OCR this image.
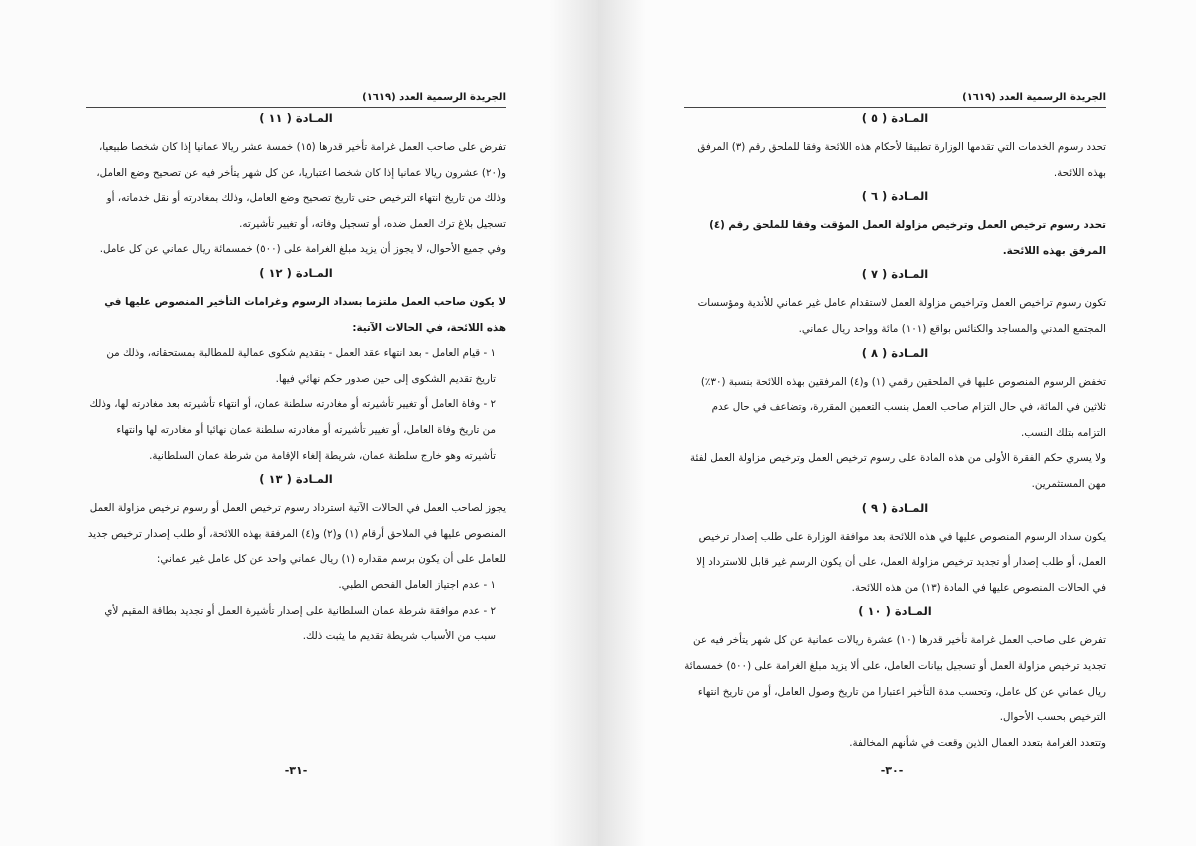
الجريدة الرسمية العدد (١٦١٩)
المـادة ( ١١ )

تفرض على صاحب العمل غرامة تأخير قدرها (١٥) خمسة عشر ريالا عمانيا إذا كان شخصا طبيعيا، و(٢٠) عشرون ريالا عمانيا إذا كان شخصا اعتباريا، عن كل شهر يتأخر فيه عن تصحيح وضع العامل، وذلك من تاريخ انتهاء الترخيص حتى تاريخ تصحيح وضع العامل، وذلك بمغادرته أو نقل خدماته، أو تسجيل بلاغ ترك العمل ضده، أو تسجيل وفاته، أو تغيير تأشيرته.

وفي جميع الأحوال، لا يجوز أن يزيد مبلغ الغرامة على (٥٠٠) خمسمائة ريال عماني عن كل عامل.

المـادة ( ١٢ )

لا يكون صاحب العمل ملتزما بسداد الرسوم وغرامات التأخير المنصوص عليها في هذه اللائحة، في الحالات الآتية:

١ - قيام العامل - بعد انتهاء عقد العمل - بتقديم شكوى عمالية للمطالبة بمستحقاته، وذلك من تاريخ تقديم الشكوى إلى حين صدور حكم نهائي فيها.

٢ - وفاة العامل أو تغيير تأشيرته أو مغادرته سلطنة عمان، أو انتهاء تأشيرته بعد مغادرته لها، وذلك من تاريخ وفاة العامل، أو تغيير تأشيرته أو مغادرته سلطنة عمان نهائيا أو مغادرته لها وانتهاء تأشيرته وهو خارج سلطنة عمان، شريطة إلغاء الإقامة من شرطة عمان السلطانية.

المـادة ( ١٣ )

يجوز لصاحب العمل في الحالات الآتية استرداد رسوم ترخيص العمل أو رسوم ترخيص مزاولة العمل المنصوص عليها في الملاحق أرقام (١) و(٢) و(٤) المرفقة بهذه اللائحة، أو طلب إصدار ترخيص جديد للعامل على أن يكون برسم مقداره (١) ريال عماني واحد عن كل عامل غير عماني:

١ - عدم اجتياز العامل الفحص الطبي.

٢ - عدم موافقة شرطة عمان السلطانية على إصدار تأشيرة العمل أو تجديد بطاقة المقيم لأي سبب من الأسباب شريطة تقديم ما يثبت ذلك.

-٣١-
الجريدة الرسمية العدد (١٦١٩)
المـادة ( ٥ )

تحدد رسوم الخدمات التي تقدمها الوزارة تطبيقا لأحكام هذه اللائحة وفقا للملحق رقم (٣) المرفق بهذه اللائحة.

المـادة ( ٦ )

تحدد رسوم ترخيص العمل وترخيص مزاولة العمل المؤقت وفقا للملحق رقم (٤) المرفق بهذه اللائحة.

المـادة ( ٧ )

تكون رسوم تراخيص العمل وتراخيص مزاولة العمل لاستقدام عامل غير عماني للأندية ومؤسسات المجتمع المدني والمساجد والكنائس بواقع (١٠١) مائة وواحد ريال عماني.

المـادة ( ٨ )

تخفض الرسوم المنصوص عليها في الملحقين رقمي (١) و(٤) المرفقين بهذه اللائحة بنسبة (٣٠٪) ثلاثين في المائة، في حال التزام صاحب العمل بنسب التعمين المقررة، وتضاعف في حال عدم التزامه بتلك النسب.

ولا يسري حكم الفقرة الأولى من هذه المادة على رسوم ترخيص العمل وترخيص مزاولة العمل لفئة مهن المستثمرين.

المـادة ( ٩ )

يكون سداد الرسوم المنصوص عليها في هذه اللائحة بعد موافقة الوزارة على طلب إصدار ترخيص العمل، أو طلب إصدار أو تجديد ترخيص مزاولة العمل، على أن يكون الرسم غير قابل للاسترداد إلا في الحالات المنصوص عليها في المادة (١٣) من هذه اللائحة.

المـادة ( ١٠ )

تفرض على صاحب العمل غرامة تأخير قدرها (١٠) عشرة ريالات عمانية عن كل شهر يتأخر فيه عن تجديد ترخيص مزاولة العمل أو تسجيل بيانات العامل، على ألا يزيد مبلغ الغرامة على (٥٠٠) خمسمائة ريال عماني عن كل عامل، وتحسب مدة التأخير اعتبارا من تاريخ وصول العامل، أو من تاريخ انتهاء الترخيص بحسب الأحوال.

وتتعدد الغرامة بتعدد العمال الذين وقعت في شأنهم المخالفة.

-٣٠-
